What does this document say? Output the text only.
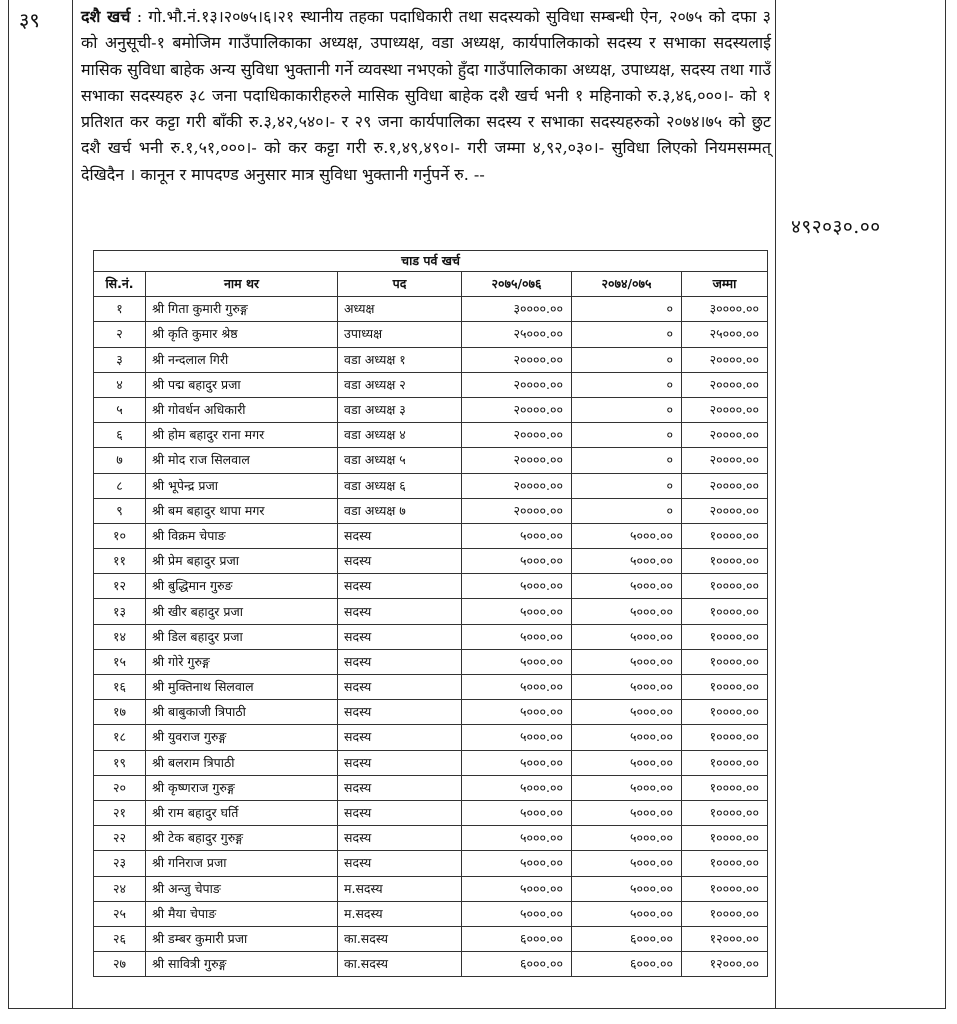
३९	दशै खर्च : गो.भौ.नं.१३।२०७५।६।२१ स्थानीय तहका पदाधिकारी तथा सदस्यको सुविधा सम्बन्धी ऐन, २०७५ को दफा ३ को अनुसूची-१ बमोजिम गाउँपालिकाका अध्यक्ष, उपाध्यक्ष, वडा अध्यक्ष, कार्यपालिकाको सदस्य र सभाका सदस्यलाई मासिक सुविधा बाहेक अन्य सुविधा भुक्तानी गर्ने व्यवस्था नभएको हुँदा गाउँपालिकाका अध्यक्ष, उपाध्यक्ष, सदस्य तथा गाउँ सभाका सदस्यहरु ३८ जना पदाधिकाकारीहरुले मासिक सुविधा बाहेक दशै खर्च भनी १ महिनाको रु.३,४६,०००।- को १ प्रतिशत कर कट्टा गरी बाँकी रु.३,४२,५४०।- र २९ जना कार्यपालिका सदस्य र सभाका सदस्यहरुको २०७४।७५ को छुट दशै खर्च भनी रु.१,५१,०००।- को कर कट्टा गरी रु.१,४९,४९०।- गरी जम्मा ४,९२,०३०।- सुविधा लिएको नियमसम्मत् देखिदैन । कानून र मापदण्ड अनुसार मात्र सुविधा भुक्तानी गर्नुपर्ने रु. --
४९२०३०.००
चाड पर्व खर्च					
सि.नं.	नाम थर	पद	२०७५/०७६	२०७४/०७५	जम्मा
१	श्री गिता कुमारी गुरुङ्ग	अध्यक्ष	३००००.००	०	३००००.००
२	श्री कृति कुमार श्रेष्ठ	उपाध्यक्ष	२५०००.००	०	२५०००.००
३	श्री नन्दलाल गिरी	वडा अध्यक्ष १	२००००.००	०	२००००.००
४	श्री पद्म बहादुर प्रजा	वडा अध्यक्ष २	२००००.००	०	२००००.००
५	श्री गोवर्धन अधिकारी	वडा अध्यक्ष ३	२००००.००	०	२००००.००
६	श्री होम बहादुर राना मगर	वडा अध्यक्ष ४	२००००.००	०	२००००.००
७	श्री मोद राज सिलवाल	वडा अध्यक्ष ५	२००००.००	०	२००००.००
८	श्री भूपेन्द्र प्रजा	वडा अध्यक्ष ६	२००००.००	०	२००००.००
९	श्री बम बहादुर थापा मगर	वडा अध्यक्ष ७	२००००.००	०	२००००.००
१०	श्री विक्रम चेपाङ	सदस्य	५०००.००	५०००.००	१००००.००
११	श्री प्रेम बहादुर प्रजा	सदस्य	५०००.००	५०००.००	१००००.००
१२	श्री बुद्धिमान गुरुङ	सदस्य	५०००.००	५०००.००	१००००.००
१३	श्री खीर बहादुर प्रजा	सदस्य	५०००.००	५०००.००	१००००.००
१४	श्री डिल बहादुर प्रजा	सदस्य	५०००.००	५०००.००	१००००.००
१५	श्री गोरे गुरुङ्ग	सदस्य	५०००.००	५०००.००	१००००.००
१६	श्री मुक्तिनाथ सिलवाल	सदस्य	५०००.००	५०००.००	१००००.००
१७	श्री बाबुकाजी त्रिपाठी	सदस्य	५०००.००	५०००.००	१००००.००
१८	श्री युवराज गुरुङ्ग	सदस्य	५०००.००	५०००.००	१००००.००
१९	श्री बलराम त्रिपाठी	सदस्य	५०००.००	५०००.००	१००००.००
२०	श्री कृष्णराज गुरुङ्ग	सदस्य	५०००.००	५०००.००	१००००.००
२१	श्री राम बहादुर घर्ति	सदस्य	५०००.००	५०००.००	१००००.००
२२	श्री टेक बहादुर गुरुङ्ग	सदस्य	५०००.००	५०००.००	१००००.००
२३	श्री गनिराज प्रजा	सदस्य	५०००.००	५०००.००	१००००.००
२४	श्री अन्जु चेपाङ	म.सदस्य	५०००.००	५०००.००	१००००.००
२५	श्री मैया चेपाङ	म.सदस्य	५०००.००	५०००.००	१००००.००
२६	श्री डम्बर कुमारी प्रजा	का.सदस्य	६०००.००	६०००.००	१२०००.००
२७	श्री सावित्री गुरुङ्ग	का.सदस्य	६०००.००	६०००.००	१२०००.००
